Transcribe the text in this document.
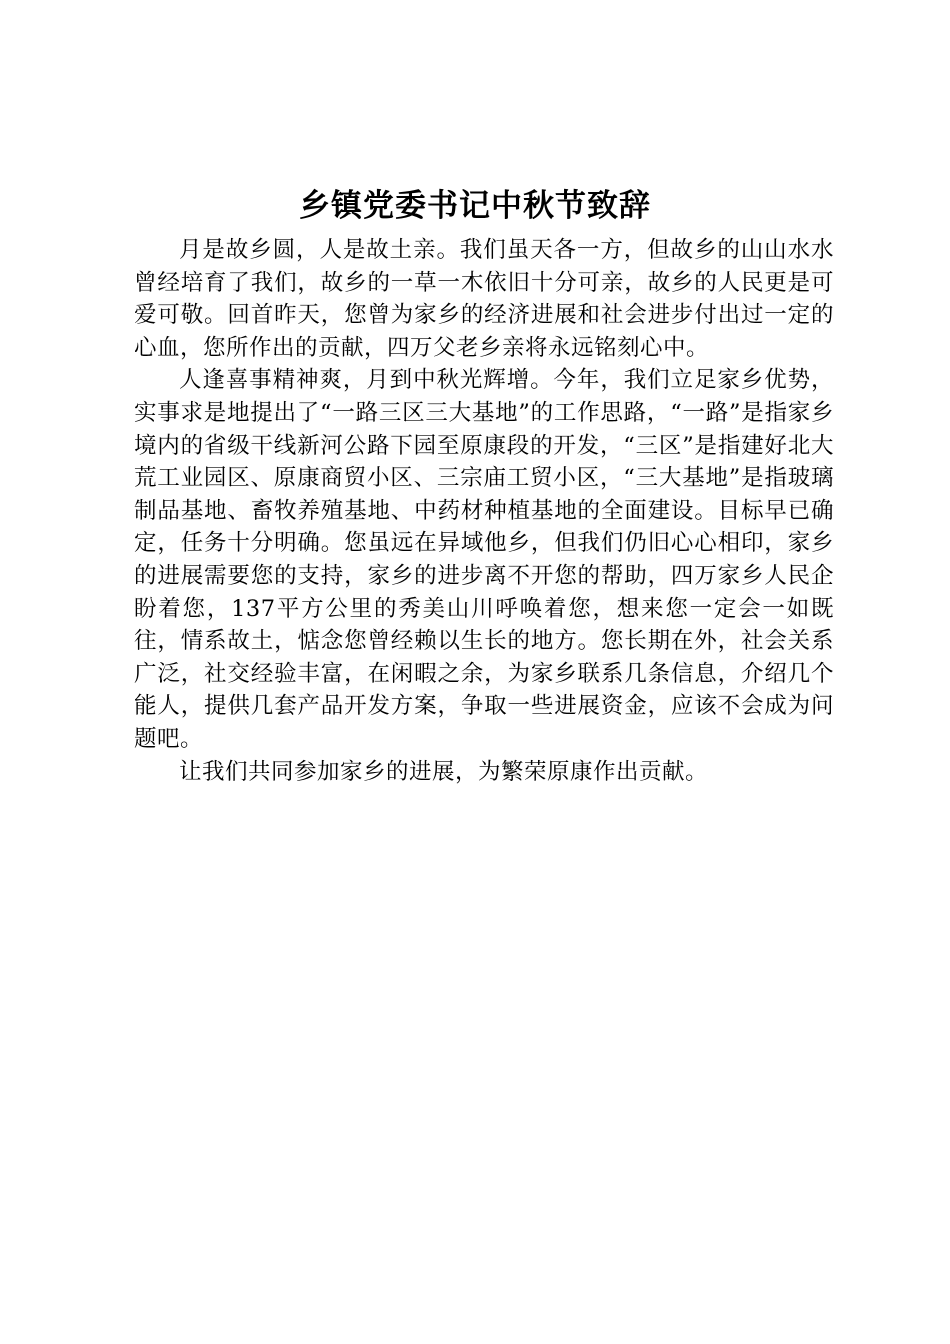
乡镇党委书记中秋节致辞

月是故乡圆，人是故土亲。我们虽天各一方，但故乡的山山水水曾经培育了我们，故乡的一草一木依旧十分可亲，故乡的人民更是可爱可敬。回首昨天，您曾为家乡的经济进展和社会进步付出过一定的心血，您所作出的贡献，四万父老乡亲将永远铭刻心中。

人逢喜事精神爽，月到中秋光辉增。今年，我们立足家乡优势，实事求是地提出了“一路三区三大基地”的工作思路，“一路”是指家乡境内的省级干线新河公路下园至原康段的开发，“三区”是指建好北大荒工业园区、原康商贸小区、三宗庙工贸小区，“三大基地”是指玻璃制品基地、畜牧养殖基地、中药材种植基地的全面建设。目标早已确定，任务十分明确。您虽远在异域他乡，但我们仍旧心心相印，家乡的进展需要您的支持，家乡的进步离不开您的帮助，四万家乡人民企盼着您，137平方公里的秀美山川呼唤着您，想来您一定会一如既往，情系故土，惦念您曾经赖以生长的地方。您长期在外，社会关系广泛，社交经验丰富，在闲暇之余，为家乡联系几条信息，介绍几个能人，提供几套产品开发方案，争取一些进展资金，应该不会成为问题吧。

让我们共同参加家乡的进展，为繁荣原康作出贡献。
